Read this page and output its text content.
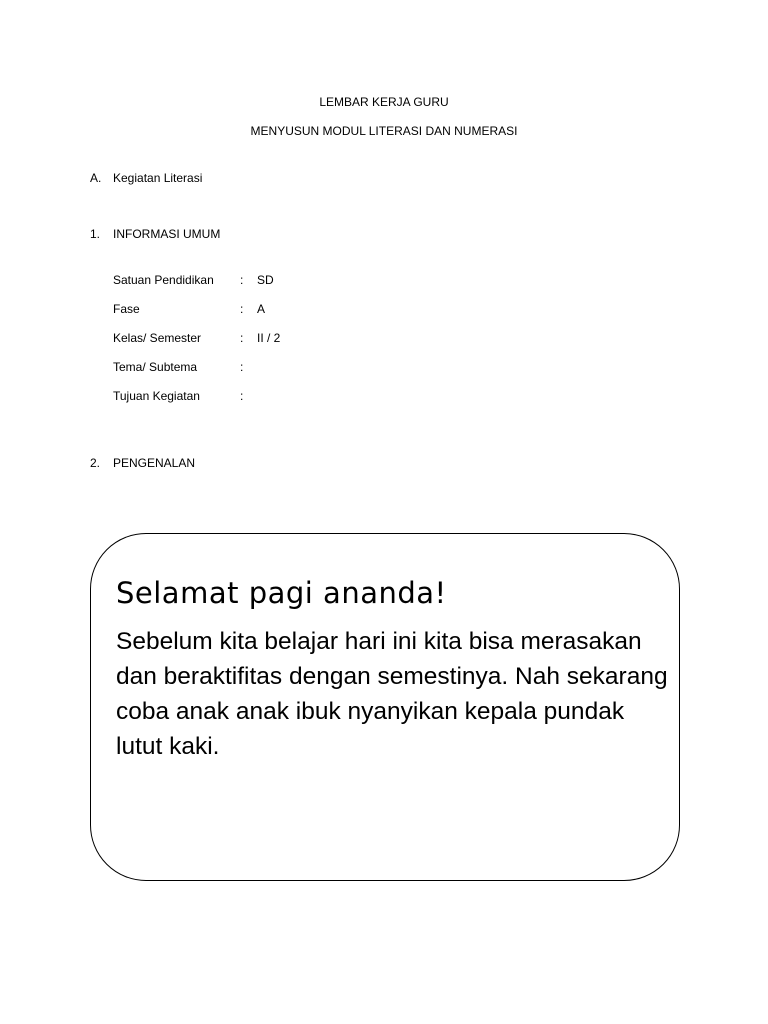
LEMBAR KERJA GURU
MENYUSUN MODUL LITERASI DAN NUMERASI
A. Kegiatan Literasi
1. INFORMASI UMUM
Satuan Pendidikan	: SD
Fase	: A
Kelas/ Semester	: II / 2
Tema/ Subtema	:
Tujuan Kegiatan	:
2. PENGENALAN
Selamat pagi ananda!
Sebelum kita belajar hari ini kita bisa merasakan dan beraktifitas dengan semestinya. Nah sekarang coba anak anak ibuk nyanyikan kepala pundak lutut kaki.
